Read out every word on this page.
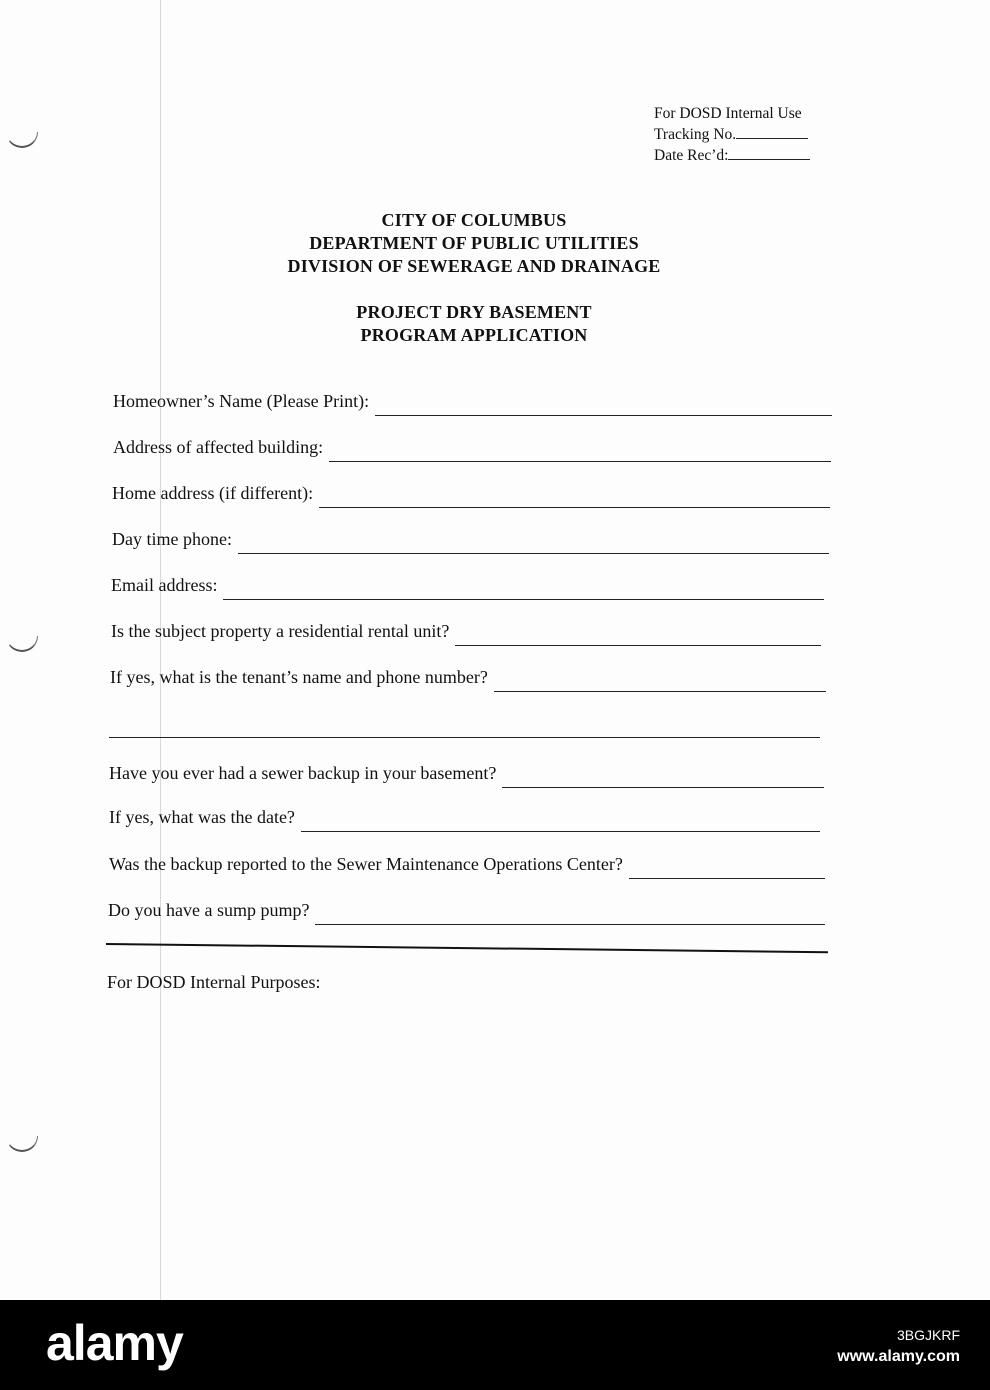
For DOSD Internal Use
Tracking No.
Date Rec’d:
CITY OF COLUMBUS
DEPARTMENT OF PUBLIC UTILITIES
DIVISION OF SEWERAGE AND DRAINAGE
PROJECT DRY BASEMENT
PROGRAM APPLICATION
Homeowner’s Name (Please Print):
Address of affected building:
Home address (if different):
Day time phone:
Email address:
Is the subject property a residential rental unit?
If yes, what is the tenant’s name and phone number?
Have you ever had a sewer backup in your basement?
If yes, what was the date?
Was the backup reported to the Sewer Maintenance Operations Center?
Do you have a sump pump?
For DOSD Internal Purposes:
alamy	3BGJKRF
www.alamy.com
